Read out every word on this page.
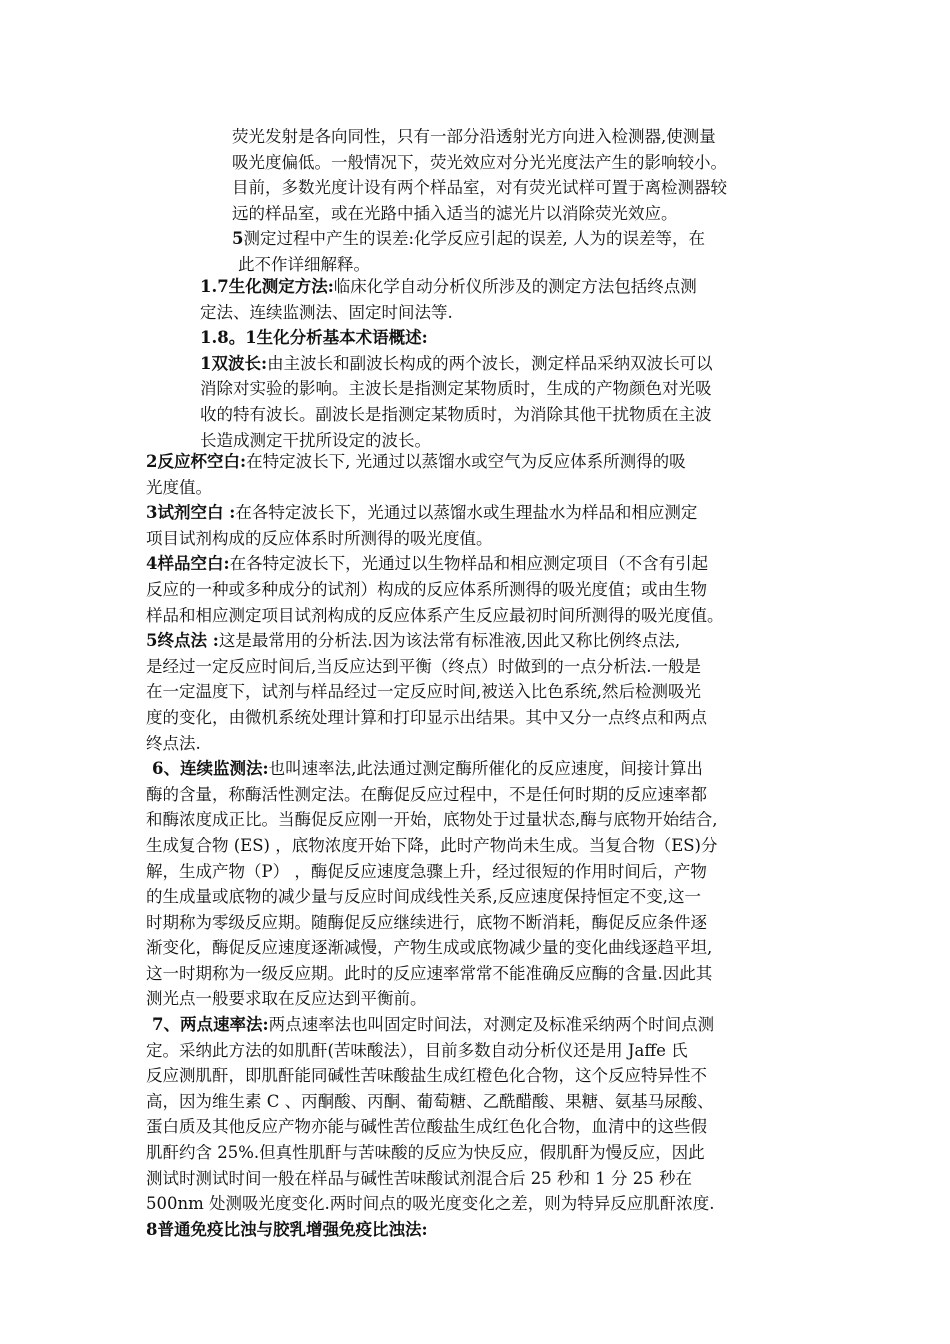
荧光发射是各向同性，只有一部分沿透射光方向进入检测器,使测量

吸光度偏低。一般情况下，荧光效应对分光光度法产生的影响较小。

目前，多数光度计设有两个样品室，对有荧光试样可置于离检测器较

远的样品室，或在光路中插入适当的滤光片以消除荧光效应。

5测定过程中产生的误差:化学反应引起的误差, 人为的误差等，在

此不作详细解释。

1.7生化测定方法:临床化学自动分析仪所涉及的测定方法包括终点测

定法、连续监测法、固定时间法等.

1.8。1生化分析基本术语概述:

1双波长:由主波长和副波长构成的两个波长，测定样品采纳双波长可以

消除对实验的影响。主波长是指测定某物质时，生成的产物颜色对光吸

收的特有波长。副波长是指测定某物质时，为消除其他干扰物质在主波

长造成测定干扰所设定的波长。

2反应杯空白:在特定波长下, 光通过以蒸馏水或空气为反应体系所测得的吸

光度值。

3试剂空白 :在各特定波长下，光通过以蒸馏水或生理盐水为样品和相应测定

项目试剂构成的反应体系时所测得的吸光度值。

4样品空白:在各特定波长下，光通过以生物样品和相应测定项目（不含有引起

反应的一种或多种成分的试剂）构成的反应体系所测得的吸光度值；或由生物

样品和相应测定项目试剂构成的反应体系产生反应最初时间所测得的吸光度值。

5终点法 :这是最常用的分析法.因为该法常有标准液,因此又称比例终点法,

是经过一定反应时间后,当反应达到平衡（终点）时做到的一点分析法.一般是

在一定温度下，试剂与样品经过一定反应时间,被送入比色系统,然后检测吸光

度的变化，由微机系统处理计算和打印显示出结果。其中又分一点终点和两点

终点法.

6、连续监测法:也叫速率法,此法通过测定酶所催化的反应速度，间接计算出

酶的含量，称酶活性测定法。在酶促反应过程中，不是任何时期的反应速率都

和酶浓度成正比。当酶促反应刚一开始，底物处于过量状态,酶与底物开始结合,

生成复合物 (ES) ，底物浓度开始下降，此时产物尚未生成。当复合物（ES)分

解，生成产物（P） ，酶促反应速度急骤上升，经过很短的作用时间后，产物

的生成量或底物的减少量与反应时间成线性关系,反应速度保持恒定不变,这一

时期称为零级反应期。随酶促反应继续进行，底物不断消耗，酶促反应条件逐

渐变化，酶促反应速度逐渐减慢，产物生成或底物减少量的变化曲线逐趋平坦,

这一时期称为一级反应期。此时的反应速率常常不能准确反应酶的含量.因此其

测光点一般要求取在反应达到平衡前。

7、两点速率法:两点速率法也叫固定时间法，对测定及标准采纳两个时间点测

定。采纳此方法的如肌酐(苦味酸法），目前多数自动分析仪还是用 Jaffe 氏

反应测肌酐，即肌酐能同碱性苦味酸盐生成红橙色化合物，这个反应特异性不

高，因为维生素 C 、丙酮酸、丙酮、葡萄糖、乙酰醋酸、果糖、氨基马尿酸、

蛋白质及其他反应产物亦能与碱性苦位酸盐生成红色化合物，血清中的这些假

肌酐约含 25%.但真性肌酐与苦味酸的反应为快反应，假肌酐为慢反应，因此

测试时测试时间一般在样品与碱性苦味酸试剂混合后 25 秒和 1 分 25 秒在

500nm 处测吸光度变化.两时间点的吸光度变化之差，则为特异反应肌酐浓度.

8普通免疫比浊与胶乳增强免疫比浊法:
